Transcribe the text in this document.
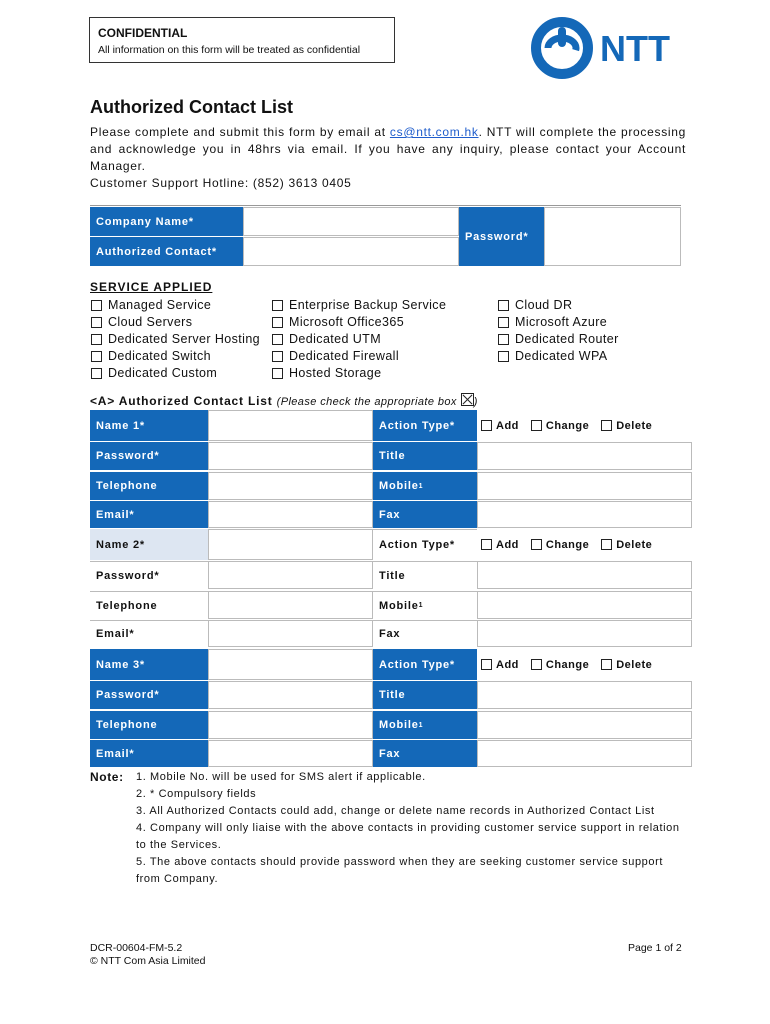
CONFIDENTIAL
All information on this form will be treated as confidential	NTT
Authorized Contact List

Please complete and submit this form by email at cs@ntt.com.hk. NTT will complete the processing and acknowledge you in 48hrs via email. If you have any inquiry, please contact your Account Manager.

Customer Support Hotline: (852) 3613 0405

Company Name*
Authorized Contact*
Password*
SERVICE APPLIED
Managed Service
Cloud Servers
Dedicated Server Hosting
Dedicated Switch
Dedicated Custom
Enterprise Backup Service
Microsoft Office365
Dedicated UTM
Dedicated Firewall
Hosted Storage
Cloud DR
Microsoft Azure
Dedicated Router
Dedicated WPA
<A> Authorized Contact List (Please check the appropriate box )
Name 1*	Action Type*	Add Change Delete
Password*	Title
Telephone	Mobile 1
Email*	Fax
Name 2*	Action Type*	Add Change Delete
Password*	Title
Telephone	Mobile 1
Email*	Fax
Name 3*	Action Type*	Add Change Delete
Password*	Title
Telephone	Mobile 1
Email*	Fax
Note: 1. Mobile No. will be used for SMS alert if applicable.
2. * Compulsory fields
3. All Authorized Contacts could add, change or delete name records in Authorized Contact List
4. Company will only liaise with the above contacts in providing customer service support in relation to the Services.
5. The above contacts should provide password when they are seeking customer service support from Company.
DCR-00604-FM-5.2
© NTT Com Asia Limited
Page 1 of 2
